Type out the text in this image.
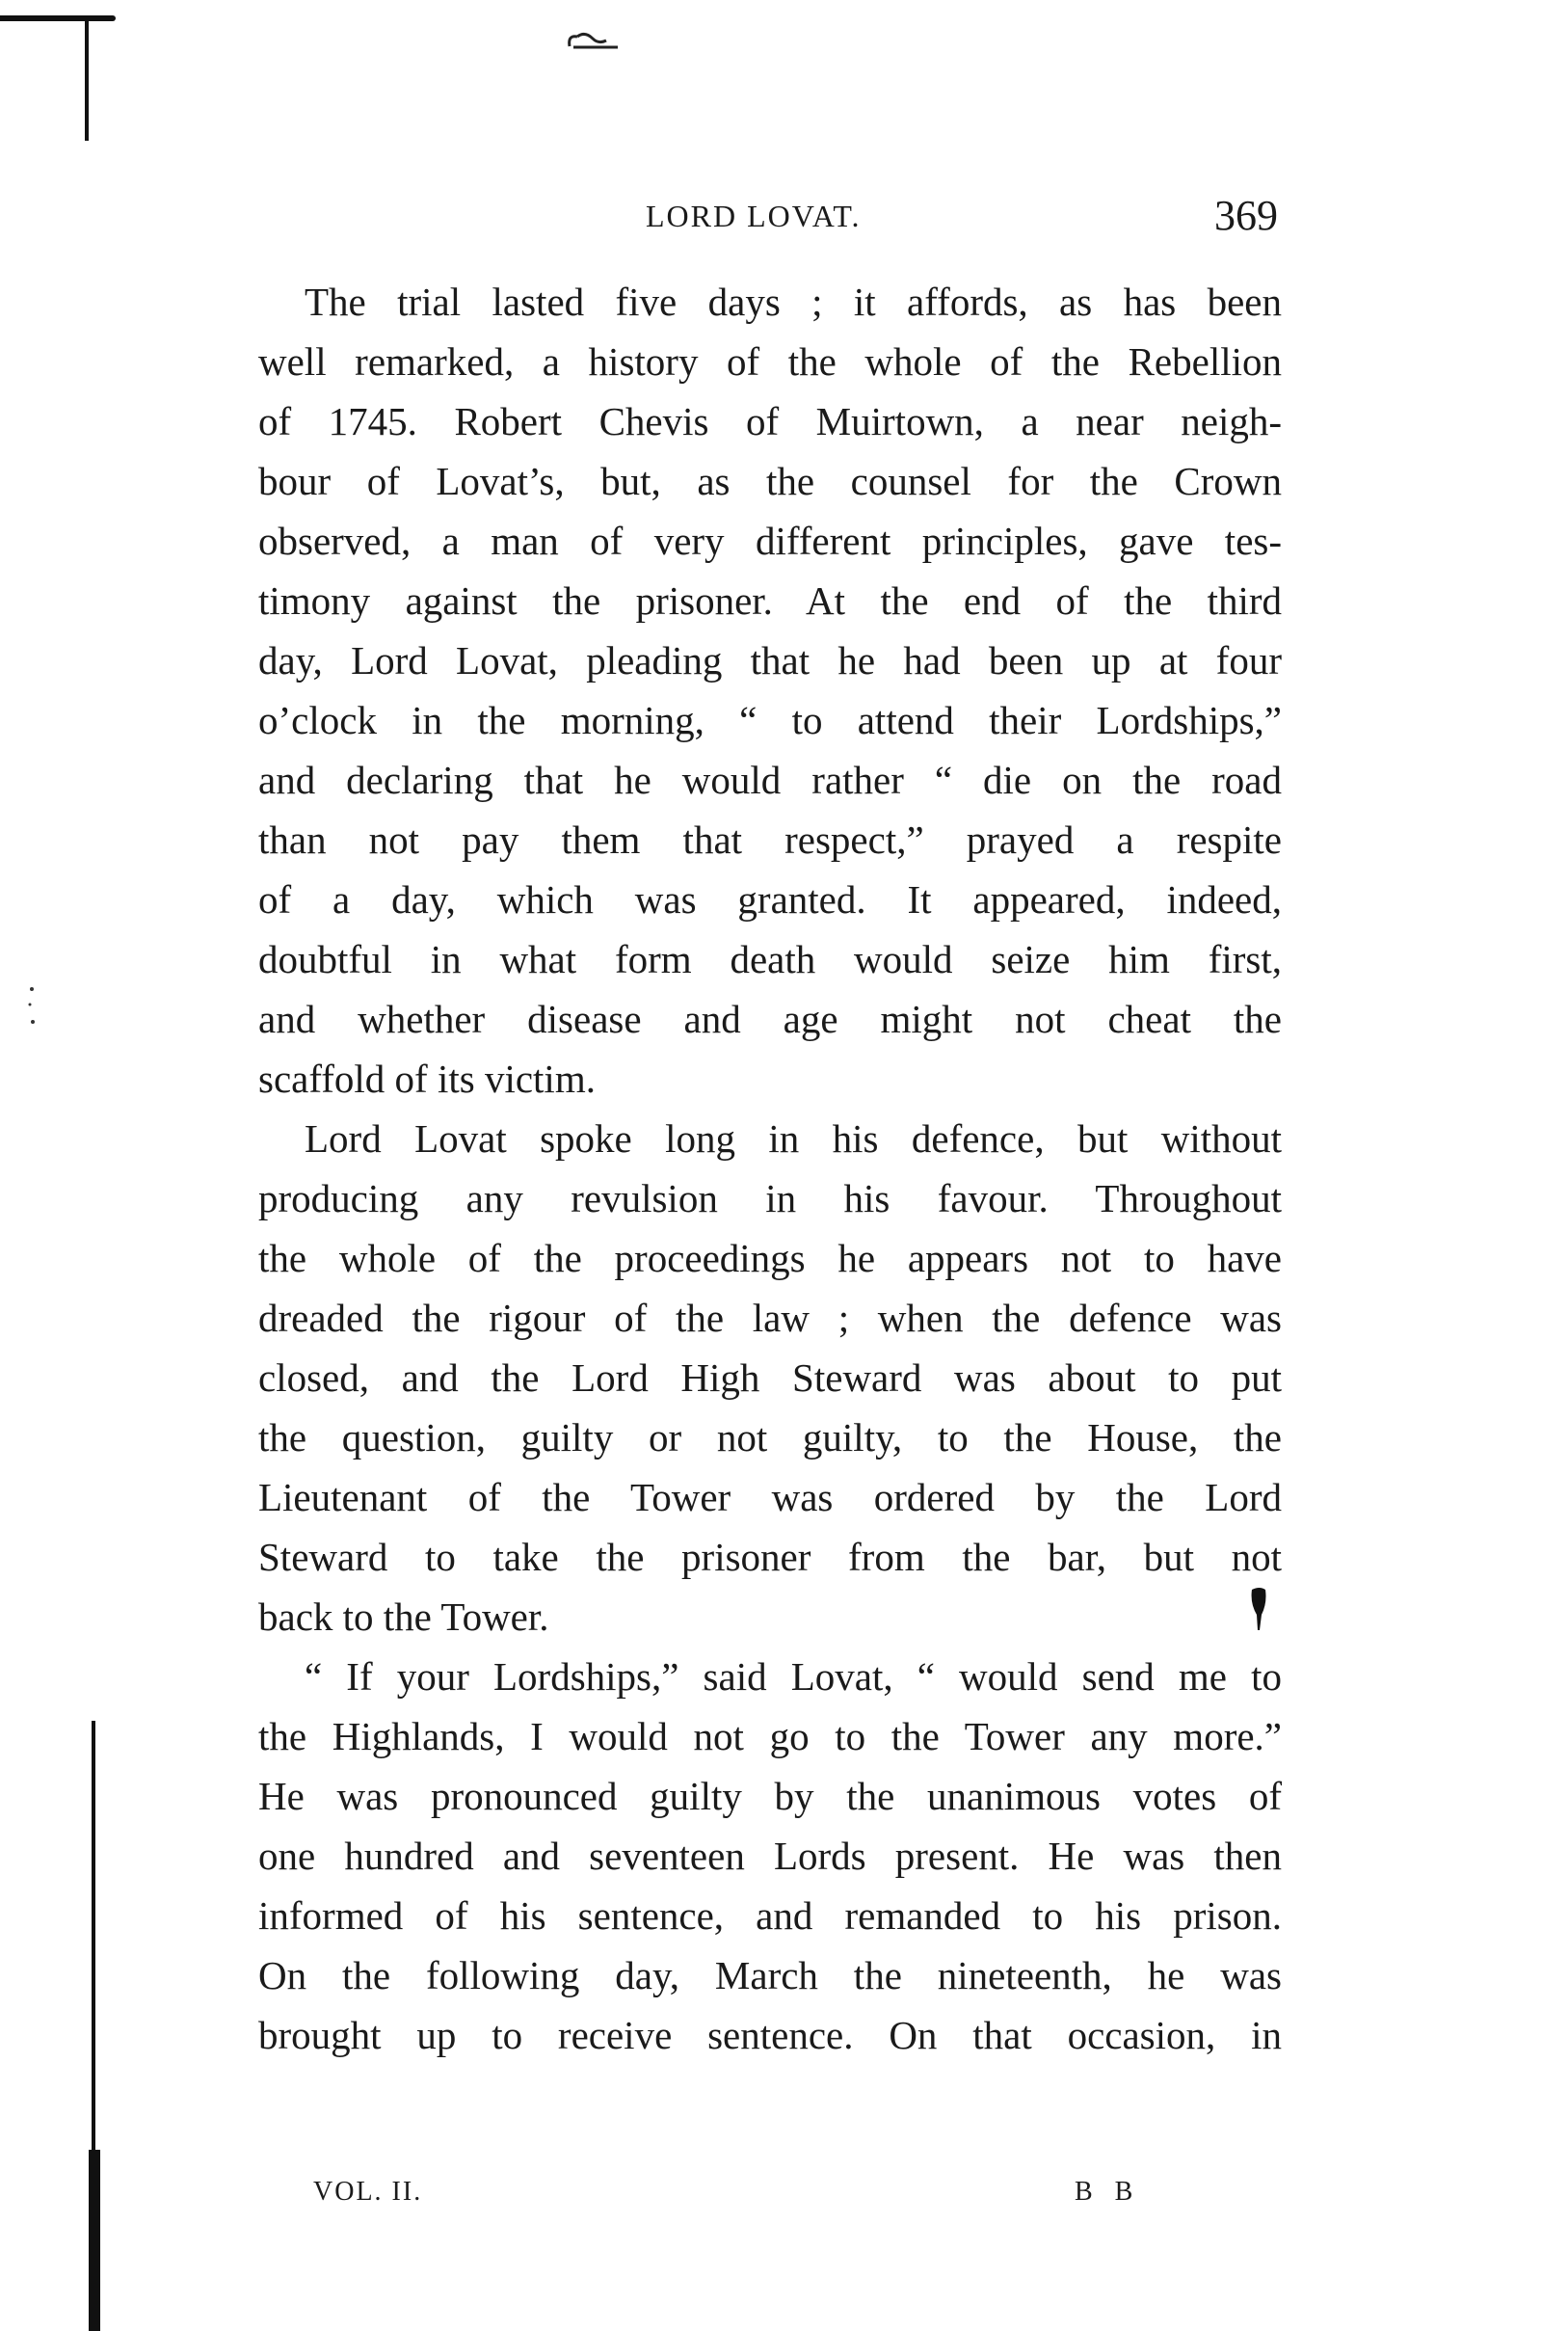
LORD LOVAT.	369
The trial lasted five days ; it affords, as has been
well remarked, a history of the whole of the Rebellion
of 1745. Robert Chevis of Muirtown, a near neigh-
bour of Lovat’s, but, as the counsel for the Crown
observed, a man of very different principles, gave tes-
timony against the prisoner. At the end of the third
day, Lord Lovat, pleading that he had been up at four
o’clock in the morning, “ to attend their Lordships,”
and declaring that he would rather “ die on the road
than not pay them that respect,” prayed a respite
of a day, which was granted. It appeared, indeed,
doubtful in what form death would seize him first,
and whether disease and age might not cheat the
scaffold of its victim.
Lord Lovat spoke long in his defence, but without
producing any revulsion in his favour. Throughout
the whole of the proceedings he appears not to have
dreaded the rigour of the law ; when the defence was
closed, and the Lord High Steward was about to put
the question, guilty or not guilty, to the House, the
Lieutenant of the Tower was ordered by the Lord
Steward to take the prisoner from the bar, but not
back to the Tower.
“ If your Lordships,” said Lovat, “ would send me to
the Highlands, I would not go to the Tower any more.”
He was pronounced guilty by the unanimous votes of
one hundred and seventeen Lords present. He was then
informed of his sentence, and remanded to his prison.
On the following day, March the nineteenth, he was
brought up to receive sentence. On that occasion, in
VOL. II.	B B
